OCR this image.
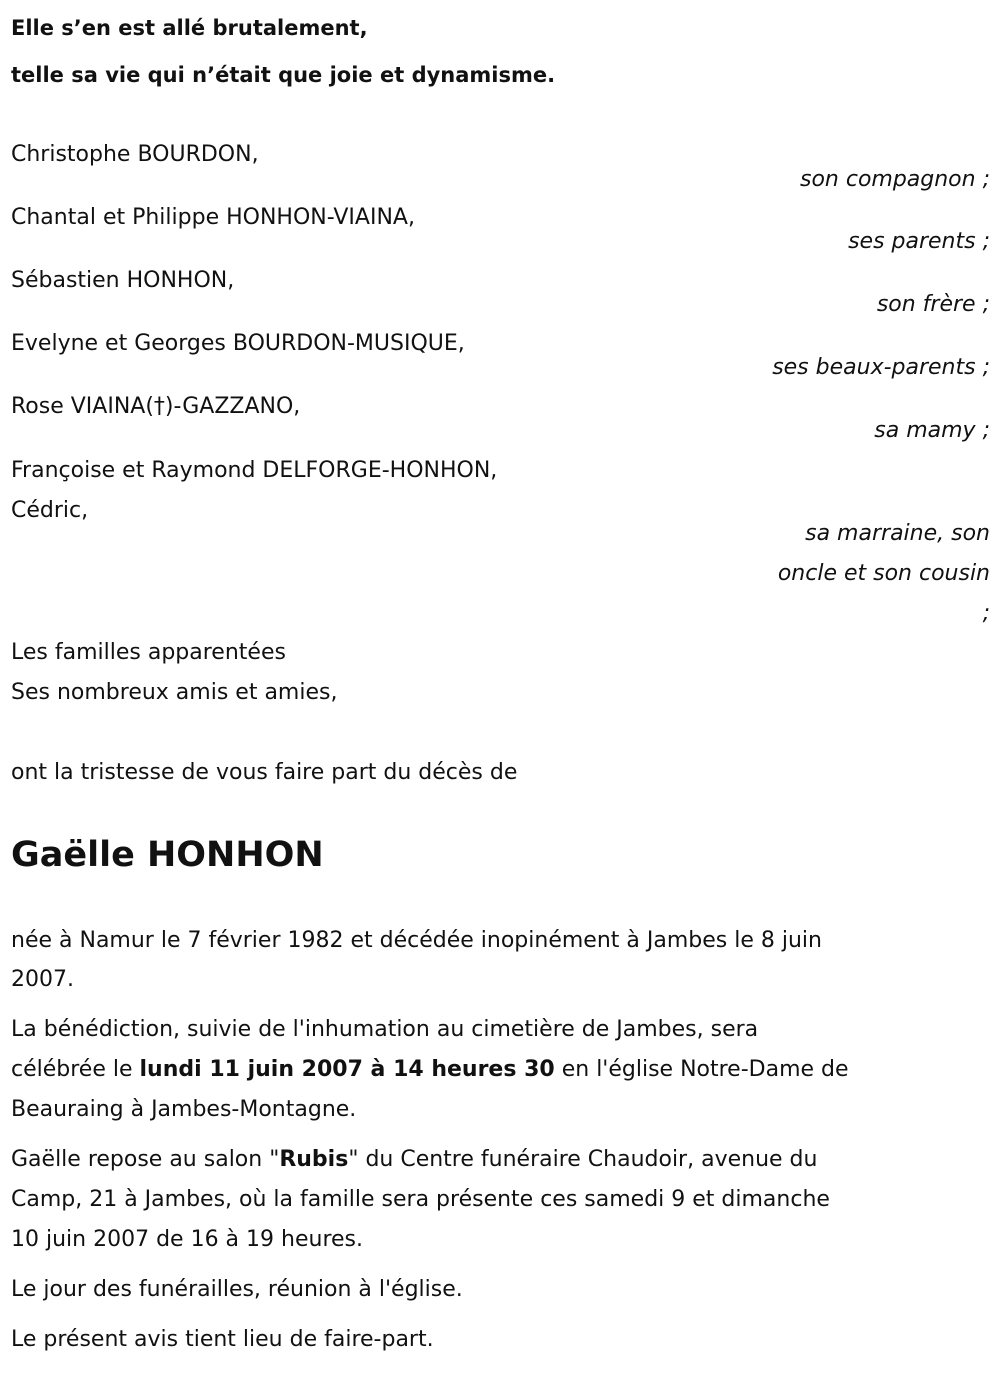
Elle s’en est allé brutalement,
telle sa vie qui n’était que joie et dynamisme.
Christophe BOURDON,
son compagnon ;
Chantal et Philippe HONHON-VIAINA,
ses parents ;
Sébastien HONHON,
son frère ;
Evelyne et Georges BOURDON-MUSIQUE,
ses beaux-parents ;
Rose VIAINA(†)-GAZZANO,
sa mamy ;
Françoise et Raymond DELFORGE-HONHON,
Cédric,
sa marraine, son
oncle et son cousin
;
Les familles apparentées
Ses nombreux amis et amies,
ont la tristesse de vous faire part du décès de
Gaëlle HONHON
née à Namur le 7 février 1982 et décédée inopinément à Jambes le 8 juin
2007.
La bénédiction, suivie de l'inhumation au cimetière de Jambes, sera
célébrée le lundi 11 juin 2007 à 14 heures 30 en l'église Notre-Dame de
Beauraing à Jambes-Montagne.
Gaëlle repose au salon "Rubis" du Centre funéraire Chaudoir, avenue du
Camp, 21 à Jambes, où la famille sera présente ces samedi 9 et dimanche
10 juin 2007 de 16 à 19 heures.
Le jour des funérailles, réunion à l'église.
Le présent avis tient lieu de faire-part.
